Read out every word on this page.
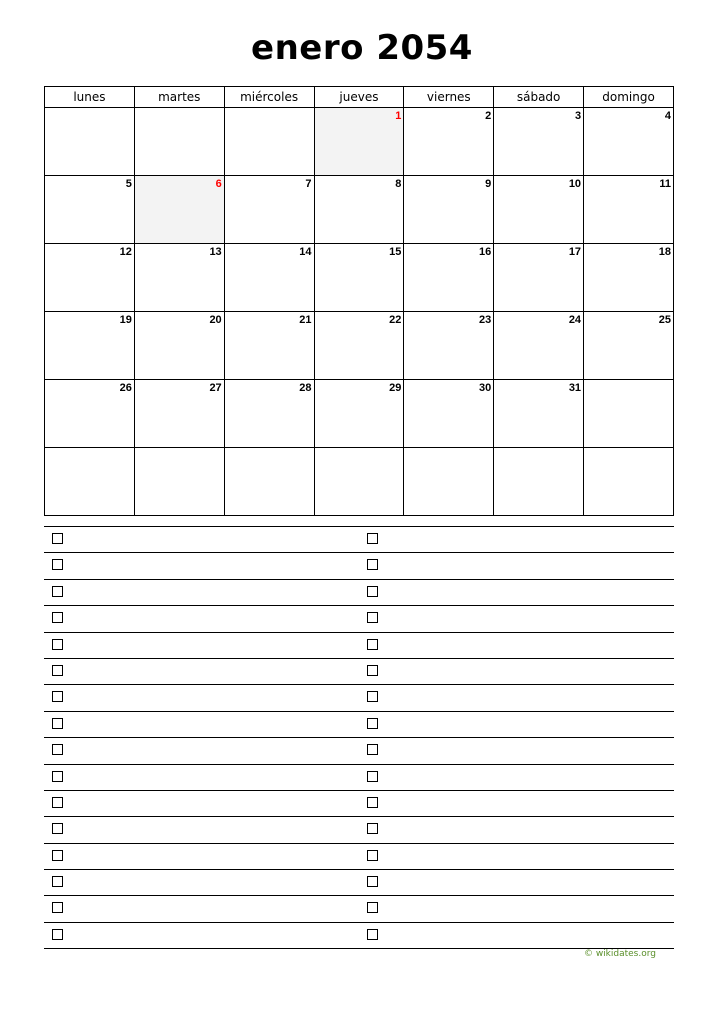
enero 2054
lunes	martes	miércoles	jueves	viernes	sábado	domingo

			1	2	3	4

5	6	7	8	9	10	11

12	13	14	15	16	17	18

19	20	21	22	23	24	25

26	27	28	29	30	31	

© wikidates.org
